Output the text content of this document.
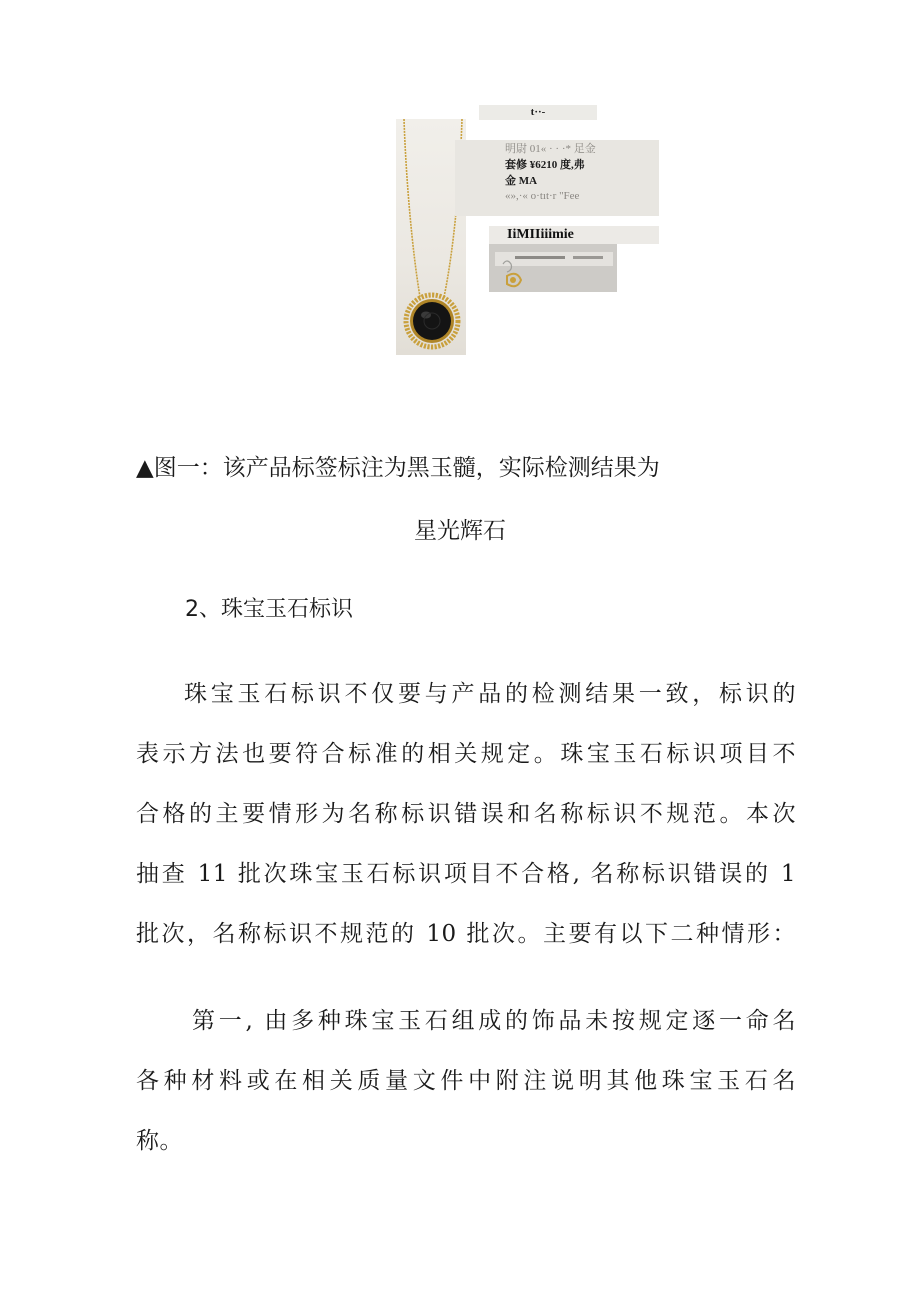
t··-
明尉 01« · · ·* 足金
套修 ¥6210 度,弗
金 MA
«»,·« o·tıt·r "Fee
IiMIIiiimie
▲图一：该产品标签标注为黑玉髓，实际检测结果为
星光辉石
2、珠宝玉石标识
珠宝玉石标识不仅要与产品的检测结果一致，标识的
表示方法也要符合标准的相关规定。珠宝玉石标识项目不
合格的主要情形为名称标识错误和名称标识不规范。本次
抽查 11 批次珠宝玉石标识项目不合格, 名称标识错误的 1
批次，名称标识不规范的 10 批次。主要有以下二种情形：
第一, 由多种珠宝玉石组成的饰品未按规定逐一命名
各种材料或在相关质量文件中附注说明其他珠宝玉石名
称。
